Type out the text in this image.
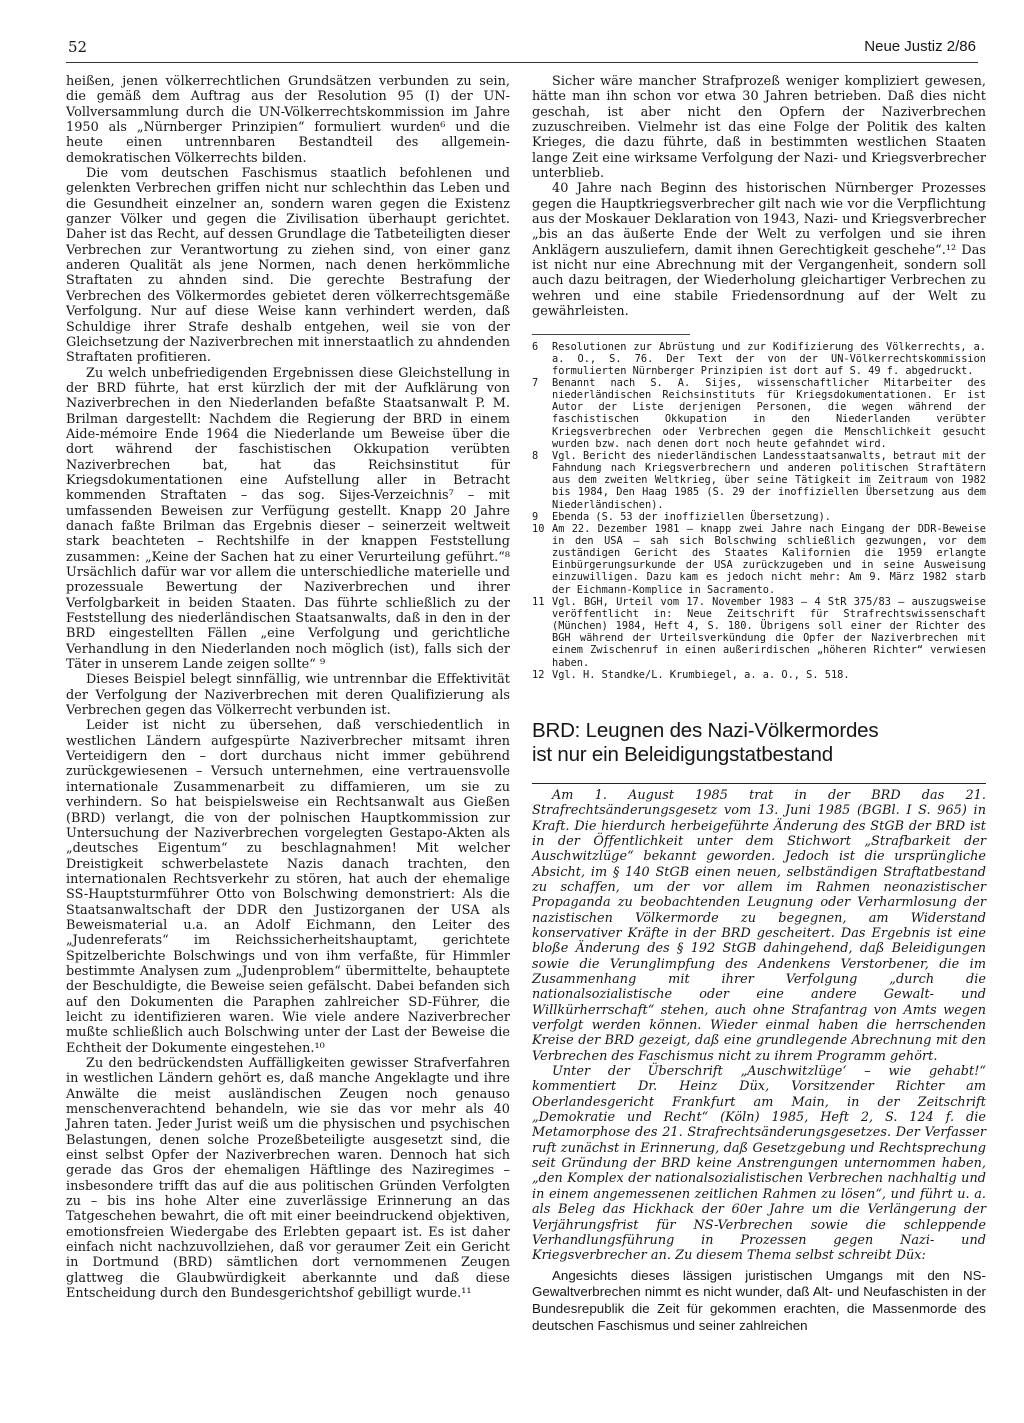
52	Neue Justiz 2/86

heißen, jenen völkerrechtlichen Grundsätzen verbunden zu sein, die gemäß dem Auftrag aus der Resolution 95 (I) der UN-Vollversammlung durch die UN-Völkerrechtskommission im Jahre 1950 als „Nürnberger Prinzipien“ formuliert wurden⁶ und die heute einen untrennbaren Bestandteil des allgemein-demokratischen Völkerrechts bilden.

Die vom deutschen Faschismus staatlich befohlenen und gelenkten Verbrechen griffen nicht nur schlechthin das Leben und die Gesundheit einzelner an, sondern waren gegen die Existenz ganzer Völker und gegen die Zivilisation überhaupt gerichtet. Daher ist das Recht, auf dessen Grundlage die Tatbeteiligten dieser Verbrechen zur Verantwortung zu ziehen sind, von einer ganz anderen Qualität als jene Normen, nach denen herkömmliche Straftaten zu ahnden sind. Die gerechte Bestrafung der Verbrechen des Völkermordes gebietet deren völkerrechtsgemäße Verfolgung. Nur auf diese Weise kann verhindert werden, daß Schuldige ihrer Strafe deshalb entgehen, weil sie von der Gleichsetzung der Naziverbrechen mit innerstaatlich zu ahndenden Straftaten profitieren.

Zu welch unbefriedigenden Ergebnissen diese Gleichstellung in der BRD führte, hat erst kürzlich der mit der Aufklärung von Naziverbrechen in den Niederlanden befaßte Staatsanwalt P. M. Brilman dargestellt: Nachdem die Regierung der BRD in einem Aide-mémoire Ende 1964 die Niederlande um Beweise über die dort während der faschistischen Okkupation verübten Naziverbrechen bat, hat das Reichsinstitut für Kriegsdokumentationen eine Aufstellung aller in Betracht kommenden Straftaten – das sog. Sijes-Verzeichnis⁷ – mit umfassenden Beweisen zur Verfügung gestellt. Knapp 20 Jahre danach faßte Brilman das Ergebnis dieser – seinerzeit weltweit stark beachteten – Rechtshilfe in der knappen Feststellung zusammen: „Keine der Sachen hat zu einer Verurteilung geführt.“⁸ Ursächlich dafür war vor allem die unterschiedliche materielle und prozessuale Bewertung der Naziverbrechen und ihrer Verfolgbarkeit in beiden Staaten. Das führte schließlich zu der Feststellung des niederländischen Staatsanwalts, daß in den in der BRD eingestellten Fällen „eine Verfolgung und gerichtliche Verhandlung in den Niederlanden noch möglich (ist), falls sich der Täter in unserem Lande zeigen sollte“ ⁹

Dieses Beispiel belegt sinnfällig, wie untrennbar die Effektivität der Verfolgung der Naziverbrechen mit deren Qualifizierung als Verbrechen gegen das Völkerrecht verbunden ist.

Leider ist nicht zu übersehen, daß verschiedentlich in westlichen Ländern aufgespürte Naziverbrecher mitsamt ihren Verteidigern den – dort durchaus nicht immer gebührend zurückgewiesenen – Versuch unternehmen, eine vertrauensvolle internationale Zusammenarbeit zu diffamieren, um sie zu verhindern. So hat beispielsweise ein Rechtsanwalt aus Gießen (BRD) verlangt, die von der polnischen Hauptkommission zur Untersuchung der Naziverbrechen vorgelegten Gestapo-Akten als „deutsches Eigentum“ zu beschlagnahmen! Mit welcher Dreistigkeit schwerbelastete Nazis danach trachten, den internationalen Rechtsverkehr zu stören, hat auch der ehemalige SS-Hauptsturmführer Otto von Bolschwing demonstriert: Als die Staatsanwaltschaft der DDR den Justizorganen der USA als Beweismaterial u.a. an Adolf Eichmann, den Leiter des „Judenreferats“ im Reichssicherheitshauptamt, gerichtete Spitzelberichte Bolschwings und von ihm verfaßte, für Himmler bestimmte Analysen zum „Judenproblem“ übermittelte, behauptete der Beschuldigte, die Beweise seien gefälscht. Dabei befanden sich auf den Dokumenten die Paraphen zahlreicher SD-Führer, die leicht zu identifizieren waren. Wie viele andere Naziverbrecher mußte schließlich auch Bolschwing unter der Last der Beweise die Echtheit der Dokumente eingestehen.¹⁰

Zu den bedrückendsten Auffälligkeiten gewisser Strafverfahren in westlichen Ländern gehört es, daß manche Angeklagte und ihre Anwälte die meist ausländischen Zeugen noch genauso menschenverachtend behandeln, wie sie das vor mehr als 40 Jahren taten. Jeder Jurist weiß um die physischen und psychischen Belastungen, denen solche Prozeßbeteiligte ausgesetzt sind, die einst selbst Opfer der Naziverbrechen waren. Dennoch hat sich gerade das Gros der ehemaligen Häftlinge des Naziregimes – insbesondere trifft das auf die aus politischen Gründen Verfolgten zu – bis ins hohe Alter eine zuverlässige Erinnerung an das Tatgeschehen bewahrt, die oft mit einer beeindruckend objektiven, emotionsfreien Wiedergabe des Erlebten gepaart ist. Es ist daher einfach nicht nachzuvollziehen, daß vor geraumer Zeit ein Gericht in Dortmund (BRD) sämtlichen dort vernommenen Zeugen glattweg die Glaubwürdigkeit aberkannte und daß diese Entscheidung durch den Bundesgerichtshof gebilligt wurde.¹¹

Sicher wäre mancher Strafprozeß weniger kompliziert gewesen, hätte man ihn schon vor etwa 30 Jahren betrieben. Daß dies nicht geschah, ist aber nicht den Opfern der Naziverbrechen zuzuschreiben. Vielmehr ist das eine Folge der Politik des kalten Krieges, die dazu führte, daß in bestimmten westlichen Staaten lange Zeit eine wirksame Verfolgung der Nazi- und Kriegsverbrecher unterblieb.

40 Jahre nach Beginn des historischen Nürnberger Prozesses gegen die Hauptkriegsverbrecher gilt nach wie vor die Verpflichtung aus der Moskauer Deklaration von 1943, Nazi- und Kriegsverbrecher „bis an das äußerte Ende der Welt zu verfolgen und sie ihren Anklägern auszuliefern, damit ihnen Gerechtigkeit geschehe“.¹² Das ist nicht nur eine Abrechnung mit der Vergangenheit, sondern soll auch dazu beitragen, der Wiederholung gleichartiger Verbrechen zu wehren und eine stabile Friedensordnung auf der Welt zu gewährleisten.

6	Resolutionen zur Abrüstung und zur Kodifizierung des Völkerrechts, a. a. O., S. 76. Der Text der von der UN-Völkerrechtskommission formulierten Nürnberger Prinzipien ist dort auf S. 49 f. abgedruckt.
7	Benannt nach S. A. Sijes, wissenschaftlicher Mitarbeiter des niederländischen Reichsinstituts für Kriegsdokumentationen. Er ist Autor der Liste derjenigen Personen, die wegen während der faschistischen Okkupation in den Niederlanden verübter Kriegsverbrechen oder Verbrechen gegen die Menschlichkeit gesucht wurden bzw. nach denen dort noch heute gefahndet wird.
8	Vgl. Bericht des niederländischen Landesstaatsanwalts, betraut mit der Fahndung nach Kriegsverbrechern und anderen politischen Straftätern aus dem zweiten Weltkrieg, über seine Tätigkeit im Zeitraum von 1982 bis 1984, Den Haag 1985 (S. 29 der inoffiziellen Übersetzung aus dem Niederländischen).
9	Ebenda (S. 53 der inoffiziellen Übersetzung).
10 Am 22. Dezember 1981 – knapp zwei Jahre nach Eingang der DDR-Beweise in den USA – sah sich Bolschwing schließlich gezwungen, vor dem zuständigen Gericht des Staates Kalifornien die 1959 erlangte Einbürgerungsurkunde der USA zurückzugeben und in seine Ausweisung einzuwilligen. Dazu kam es jedoch nicht mehr: Am 9. März 1982 starb der Eichmann-Komplice in Sacramento.
11 Vgl. BGH, Urteil vom 17. November 1983 – 4 StR 375/83 – auszugsweise veröffentlicht in: Neue Zeitschrift für Strafrechtswissenschaft (München) 1984, Heft 4, S. 180. Übrigens soll einer der Richter des BGH während der Urteilsverkündung die Opfer der Naziverbrechen mit einem Zwischenruf in einen außerirdischen „höheren Richter“ verwiesen haben.
12 Vgl. H. Standke/L. Krumbiegel, a. a. O., S. 518.
BRD: Leugnen des Nazi-Völkermordes
ist nur ein Beleidigungstatbestand

Am 1. August 1985 trat in der BRD das 21. Strafrechtsänderungsgesetz vom 13. Juni 1985 (BGBl. I S. 965) in Kraft. Die hierdurch herbeigeführte Änderung des StGB der BRD ist in der Öffentlichkeit unter dem Stichwort „Strafbarkeit der Auschwitzlüge“ bekannt geworden. Jedoch ist die ursprüngliche Absicht, im § 140 StGB einen neuen, selbständigen Straftatbestand zu schaffen, um der vor allem im Rahmen neonazistischer Propaganda zu beobachtenden Leugnung oder Verharmlosung der nazistischen Völkermorde zu begegnen, am Widerstand konservativer Kräfte in der BRD gescheitert. Das Ergebnis ist eine bloße Änderung des § 192 StGB dahingehend, daß Beleidigungen sowie die Verunglimpfung des Andenkens Verstorbener, die im Zusammenhang mit ihrer Verfolgung „durch die nationalsozialistische oder eine andere Gewalt- und Willkürherrschaft“ stehen, auch ohne Strafantrag von Amts wegen verfolgt werden können. Wieder einmal haben die herrschenden Kreise der BRD gezeigt, daß eine grundlegende Abrechnung mit den Verbrechen des Faschismus nicht zu ihrem Programm gehört.

Unter der Überschrift „Auschwitzlüge‘ – wie gehabt!“ kommentiert Dr. Heinz Düx, Vorsitzender Richter am Oberlandesgericht Frankfurt am Main, in der Zeitschrift „Demokratie und Recht“ (Köln) 1985, Heft 2, S. 124 f. die Metamorphose des 21. Strafrechtsänderungsgesetzes. Der Verfasser ruft zunächst in Erinnerung, daß Gesetzgebung und Rechtsprechung seit Gründung der BRD keine Anstrengungen unternommen haben, „den Komplex der nationalsozialistischen Verbrechen nachhaltig und in einem angemessenen zeitlichen Rahmen zu lösen“, und führt u. a. als Beleg das Hickhack der 60er Jahre um die Verlängerung der Verjährungsfrist für NS-Verbrechen sowie die schleppende Verhandlungsführung in Prozessen gegen Nazi- und Kriegsverbrecher an. Zu diesem Thema selbst schreibt Düx:

Angesichts dieses lässigen juristischen Umgangs mit den NS-Gewaltverbrechen nimmt es nicht wunder, daß Alt- und Neufaschisten in der Bundesrepublik die Zeit für gekommen erachten, die Massenmorde des deutschen Faschismus und seiner zahlreichen
